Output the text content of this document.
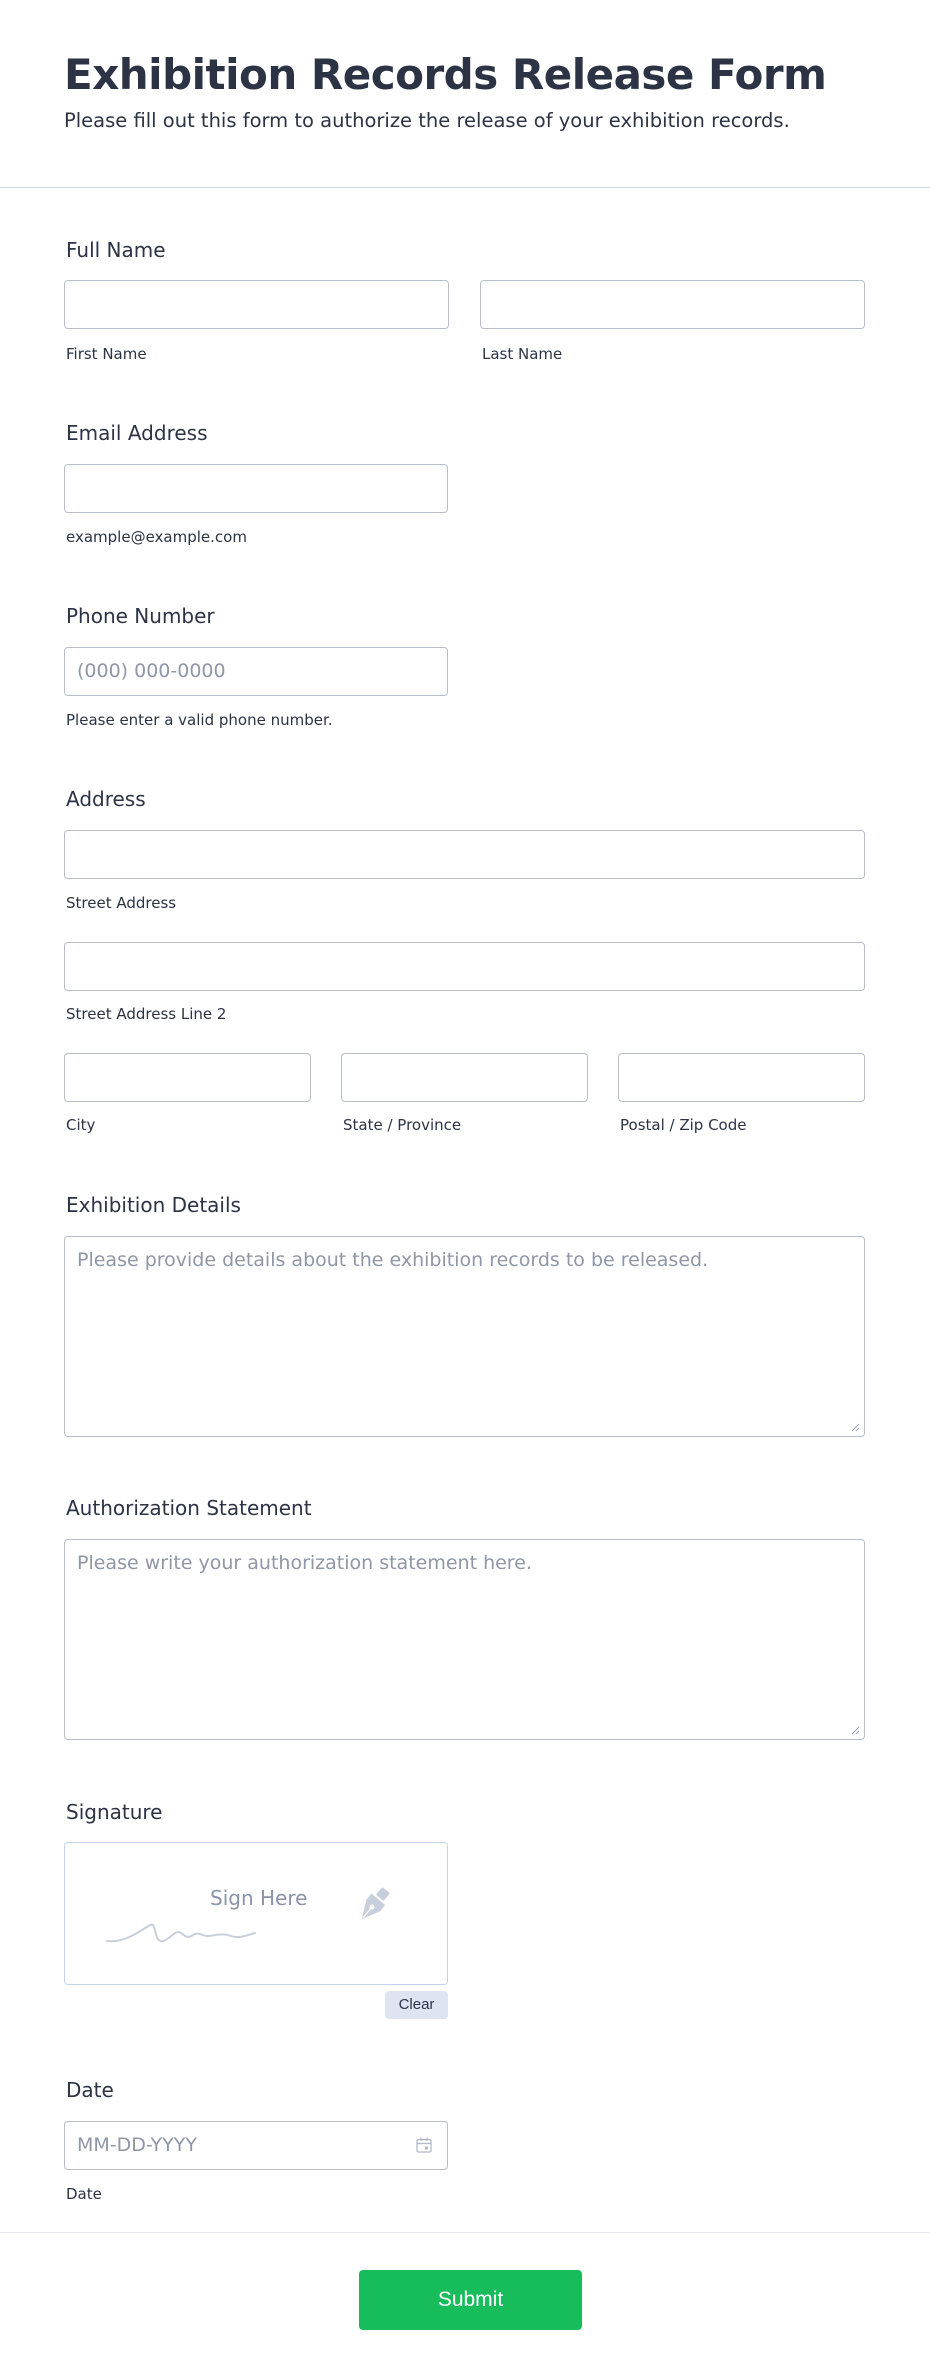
Exhibition Records Release Form
Please fill out this form to authorize the release of your exhibition records.
Full Name
First Name	Last Name
Email Address
example@example.com
Phone Number
(000) 000-0000
Please enter a valid phone number.
Address
Street Address
Street Address Line 2
City	State / Province	Postal / Zip Code
Exhibition Details
Please provide details about the exhibition records to be released.
Authorization Statement
Please write your authorization statement here.
Signature
Sign Here
Clear
Date
MM-DD-YYYY
Date
Submit
